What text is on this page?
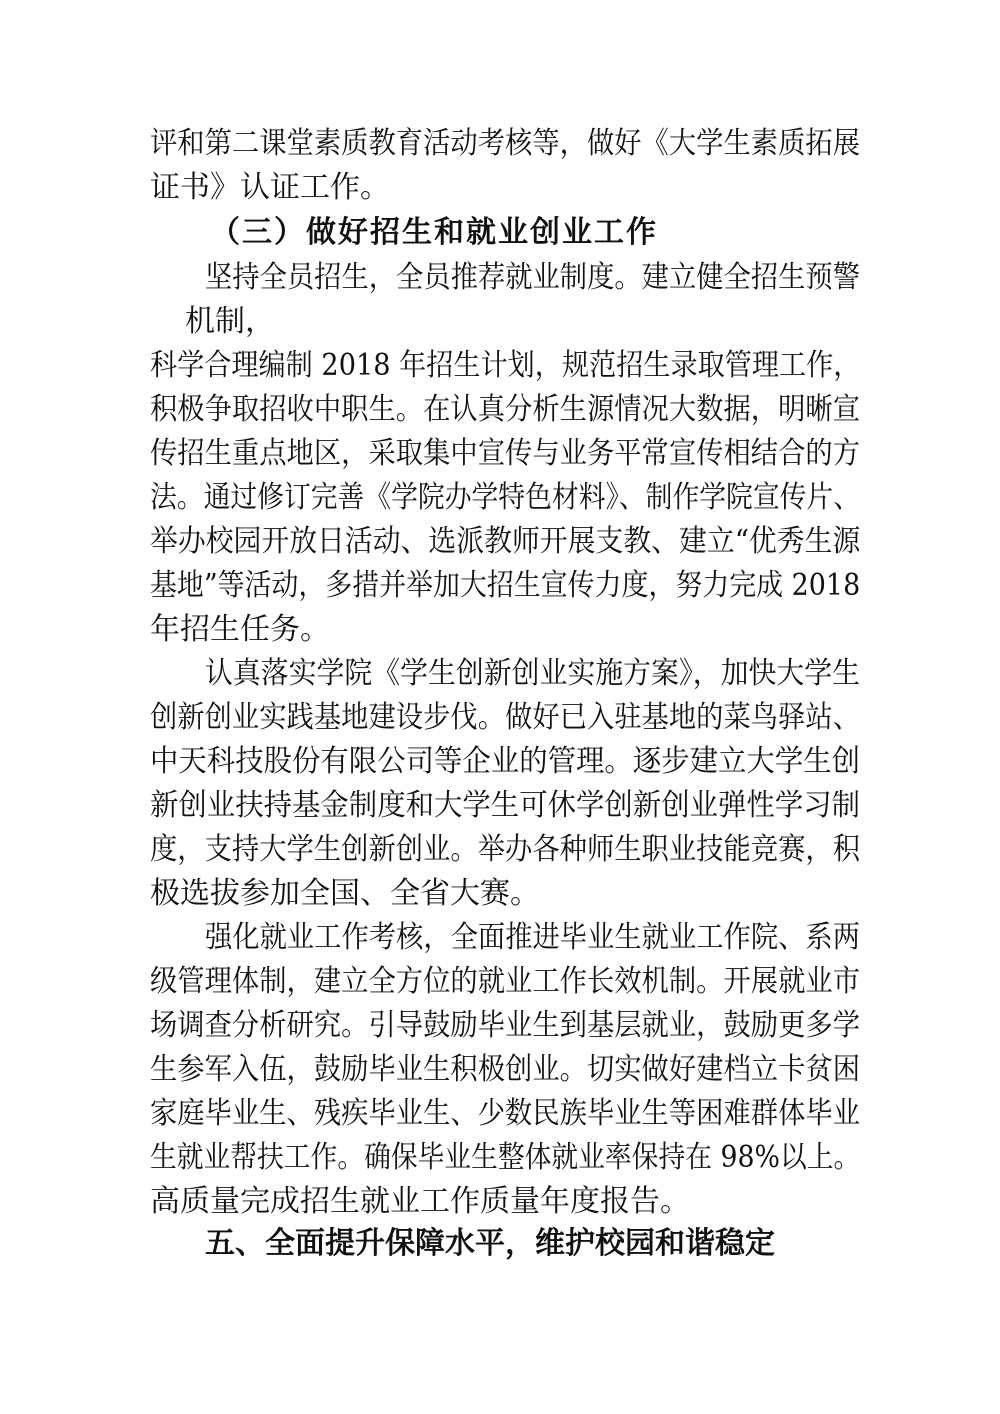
评和第二课堂素质教育活动考核等，做好《大学生素质拓展
证书》认证工作。
（三）做好招生和就业创业工作
坚持全员招生，全员推荐就业制度。建立健全招生预警
机制，
科学合理编制 2018 年招生计划，规范招生录取管理工作，
积极争取招收中职生。在认真分析生源情况大数据，明晰宣
传招生重点地区，采取集中宣传与业务平常宣传相结合的方
法。通过修订完善《学院办学特色材料》、制作学院宣传片、
举办校园开放日活动、选派教师开展支教、建立“优秀生源
基地”等活动，多措并举加大招生宣传力度，努力完成 2018
年招生任务。
认真落实学院《学生创新创业实施方案》，加快大学生
创新创业实践基地建设步伐。做好已入驻基地的菜鸟驿站、
中天科技股份有限公司等企业的管理。逐步建立大学生创
新创业扶持基金制度和大学生可休学创新创业弹性学习制
度，支持大学生创新创业。举办各种师生职业技能竞赛，积
极选拔参加全国、全省大赛。
强化就业工作考核，全面推进毕业生就业工作院、系两
级管理体制，建立全方位的就业工作长效机制。开展就业市
场调查分析研究。引导鼓励毕业生到基层就业，鼓励更多学
生参军入伍，鼓励毕业生积极创业。切实做好建档立卡贫困
家庭毕业生、残疾毕业生、少数民族毕业生等困难群体毕业
生就业帮扶工作。确保毕业生整体就业率保持在 98%以上。
高质量完成招生就业工作质量年度报告。
五、全面提升保障水平，维护校园和谐稳定
